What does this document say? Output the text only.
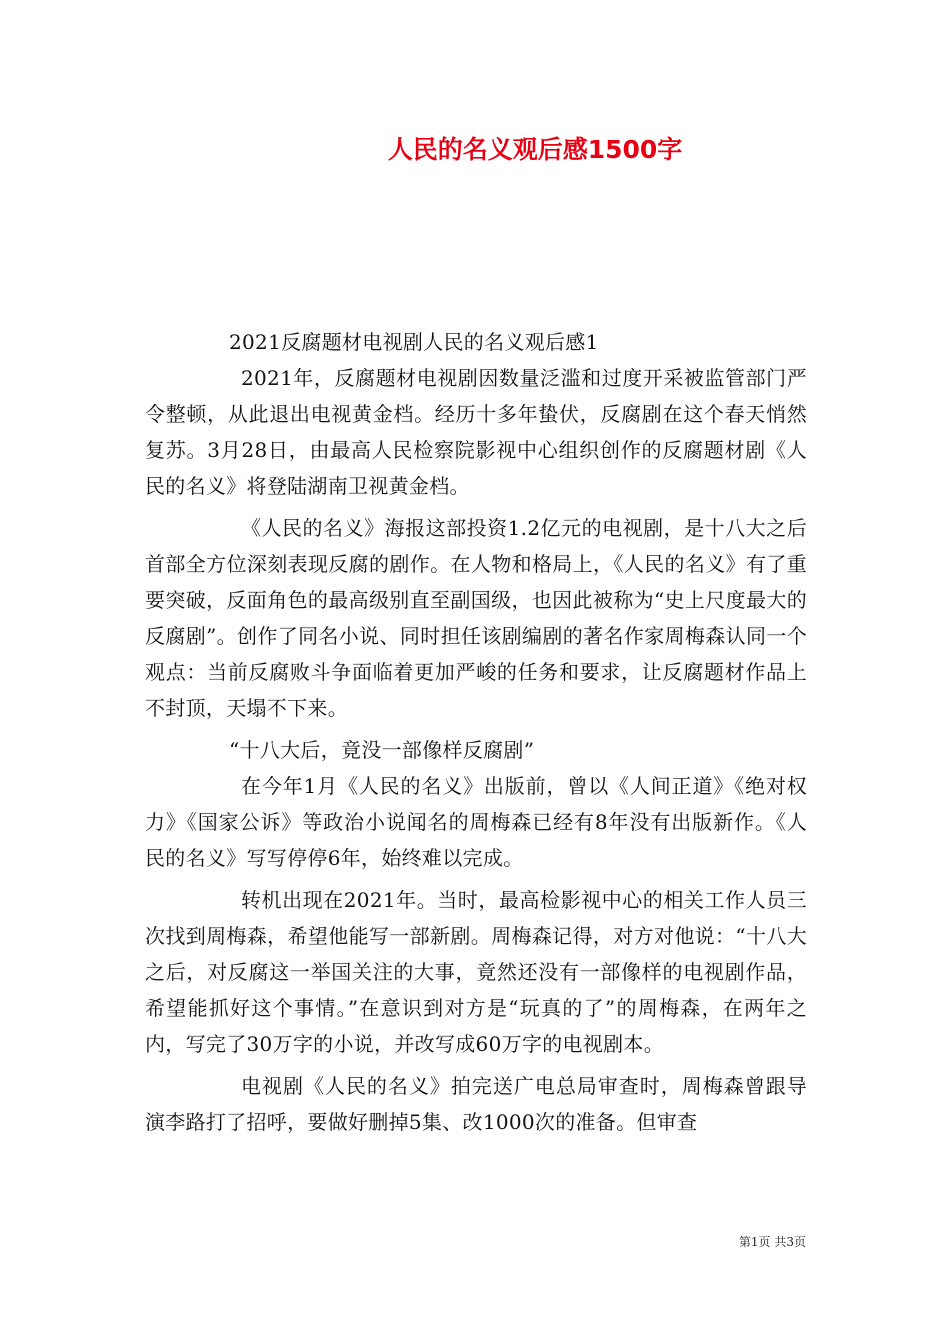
人民的名义观后感1500字

2021反腐题材电视剧人民的名义观后感1

2021年，反腐题材电视剧因数量泛滥和过度开采被监管部门严令整顿，从此退出电视黄金档。经历十多年蛰伏，反腐剧在这个春天悄然复苏。3月28日，由最高人民检察院影视中心组织创作的反腐题材剧《人民的名义》将登陆湖南卫视黄金档。

《人民的名义》海报这部投资1.2亿元的电视剧，是十八大之后首部全方位深刻表现反腐的剧作。在人物和格局上，《人民的名义》有了重要突破，反面角色的最高级别直至副国级，也因此被称为“史上尺度最大的反腐剧”。创作了同名小说、同时担任该剧编剧的著名作家周梅森认同一个观点：当前反腐败斗争面临着更加严峻的任务和要求，让反腐题材作品上不封顶，天塌不下来。

“十八大后，竟没一部像样反腐剧”

在今年1月《人民的名义》出版前，曾以《人间正道》《绝对权力》《国家公诉》等政治小说闻名的周梅森已经有8年没有出版新作。《人民的名义》写写停停6年，始终难以完成。

转机出现在2021年。当时，最高检影视中心的相关工作人员三次找到周梅森，希望他能写一部新剧。周梅森记得，对方对他说：“十八大之后，对反腐这一举国关注的大事，竟然还没有一部像样的电视剧作品，希望能抓好这个事情。”在意识到对方是“玩真的了”的周梅森，在两年之内，写完了30万字的小说，并改写成60万字的电视剧本。

电视剧《人民的名义》拍完送广电总局审查时，周梅森曾跟导演李路打了招呼，要做好删掉5集、改1000次的准备。但审查

第1页 共3页
